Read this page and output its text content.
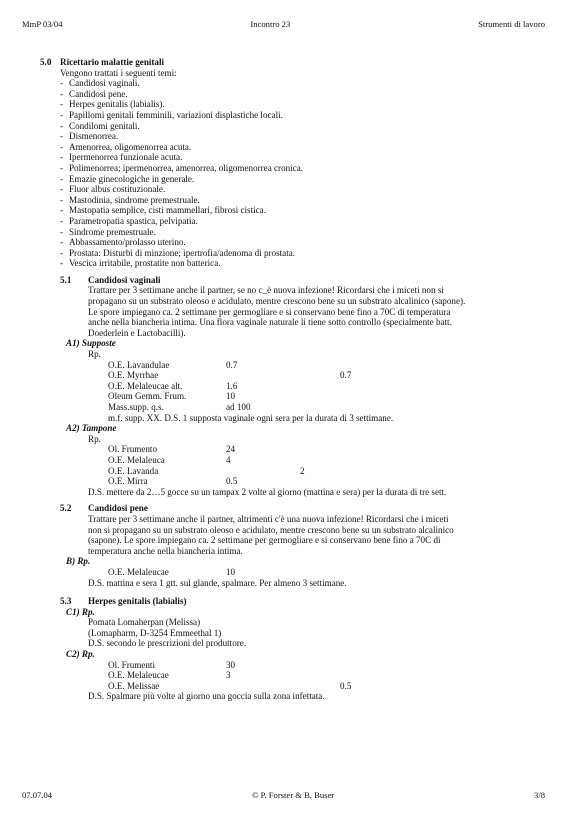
MmP 03/04	Incontro 23	Strumenti di lavoro
5.0 Ricettario malattie genitali
Vengono trattati i seguenti temi:
- Candidosi vaginali.
- Candidosi pene.
- Herpes genitalis (labialis).
- Papillomi genitali femminili, variazioni displastiche locali.
- Condilomi genitali.
- Dismenorrea.
- Amenorrea, oligomenorrea acuta.
- Ipermenorrea funzionale acuta.
- Polimenorrea; ipermenorrea, amenorrea, oligomenorrea cronica.
- Emazie ginecologiche in generale.
- Fluor albus costituzionale.
- Mastodinia, sindrome premestruale.
- Mastopatia semplice, cisti mammellari, fibrosi cistica.
- Parametropatia spastica, pelvipatia.
- Sindrome premestruale.
- Abbassamento/prolasso uterino.
- Prostata: Disturbi di minzione; ipertrofia/adenoma di prostata.
- Vescica irritabile, prostatite non batterica.
5.1	Candidosi vaginali
Trattare per 3 settimane anche il partner, se no c_è nuova infezione! Ricordarsi che i miceti non si
propagano su un substrato oleoso e acidulato, mentre crescono bene su un substrato alcalinico (sapone).
Le spore impiegano ca. 2 settimane per germogliare e si conservano bene fino a 70C di temperatura
anche nella biancheria intima. Una flora vaginale naturale li tiene sotto controllo (specialmente batt.
Doederlein e Lactobacilli).
A1) Supposte
Rp.
O.E. Lavandulae	0.7
O.E. Myrrhae	0.7
O.E. Melaleucae alt.	1.6
Oleum Gemm. Frum.	10
Mass.supp. q.s.	ad 100
m.f. supp. XX. D.S. 1 supposta vaginale ogni sera per la durata di 3 settimane.
A2) Tampone
Rp.
Ol. Frumento	24
O.E. Melaleuca	4
O.E. Lavanda	2
O.E. Mirra	0.5
D.S. mettere da 2…5 gocce su un tampax 2 volte al giorno (mattina e sera) per la durata di tre sett.
5.2	Candidosi pene
Trattare per 3 settimane anche il partner, altrimenti c'è una nuova infezione! Ricordarsi che i miceti
non si propagano su un substrato oleoso e acidulato, mentre crescono bene su un substrato alcalinico
(sapone). Le spore impiegano ca. 2 settimane per germogliare e si conservano bene fino a 70C di
temperatura anche nella biancheria intima.
B) Rp.
O.E. Melaleucae	10
D.S. mattina e sera 1 gtt. sul glande, spalmare. Per almeno 3 settimane.
5.3	Herpes genitalis (labialis)
C1) Rp.
Pomata Lomaherpan (Melissa)
(Lomapharm, D-3254 Emmeethal 1)
D.S. secondo le prescrizioni del produttore.
C2) Rp.
Ol. Frumenti	30
O.E. Melaleucae	3
O.E. Melissae	0.5
D.S. Spalmare più volte al giorno una goccia sulla zona infettata.
07.07.04	© P. Forster & B. Buser	3/8
